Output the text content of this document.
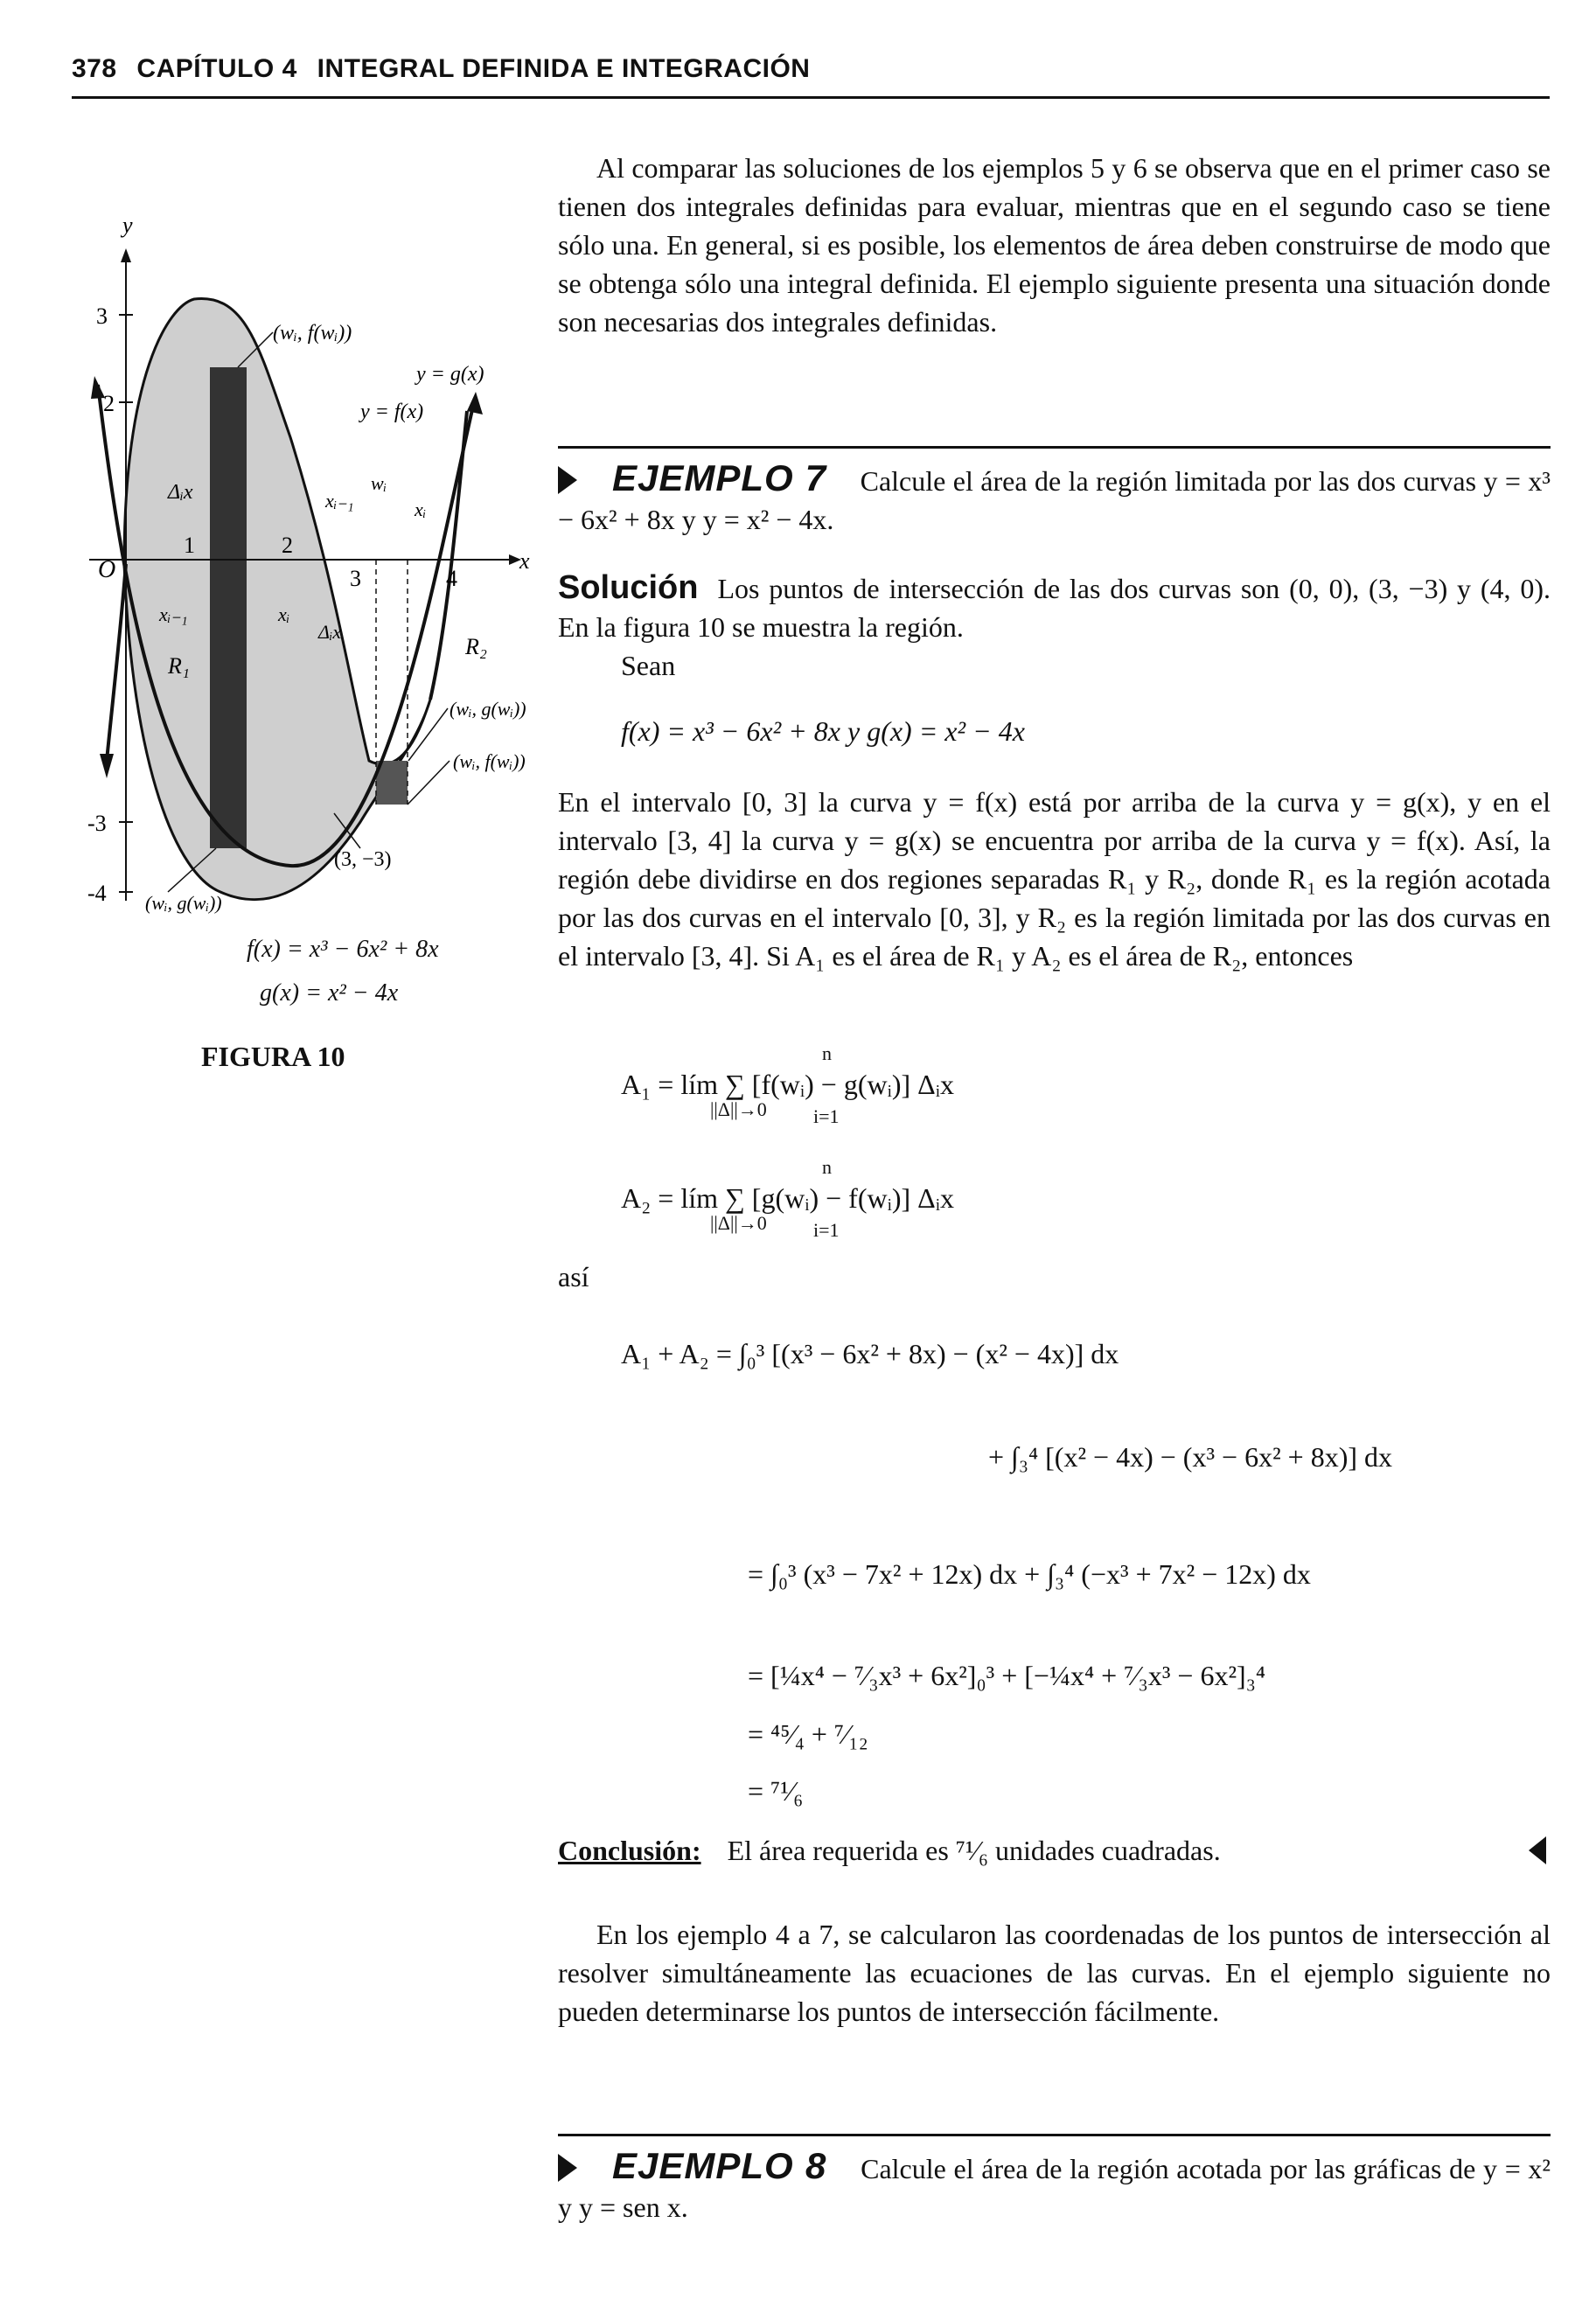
378 CAPÍTULO 4 INTEGRAL DEFINIDA E INTEGRACIÓN
y
x
O
3
2
-3
-4
1	2
3	4
(wᵢ, f(wᵢ))
y = g(x)
y = f(x)
Δᵢx	xᵢ₋₁
wᵢ
xᵢ
xᵢ₋₁	xᵢ
Δᵢx
R₁
R₂
(wᵢ, g(wᵢ))
(wᵢ, f(wᵢ))
(3, −3)
(wᵢ, g(wᵢ))
f(x) = x³ − 6x² + 8x
g(x) = x² − 4x
FIGURA 10

Al comparar las soluciones de los ejemplos 5 y 6 se observa que en el primer caso se tienen dos integrales definidas para evaluar, mientras que en el segundo caso se tiene sólo una. En general, si es posible, los elementos de área deben construirse de modo que se obtenga sólo una integral definida. El ejemplo siguiente presenta una situación donde son necesarias dos integrales definidas.

EJEMPLO 7 Calcule el área de la región limitada por las dos curvas y = x³ − 6x² + 8x y y = x² − 4x.

Solución Los puntos de intersección de las dos curvas son (0, 0), (3, −3) y (4, 0). En la figura 10 se muestra la región.

Sean

f(x) = x³ − 6x² + 8x y g(x) = x² − 4x

En el intervalo [0, 3] la curva y = f(x) está por arriba de la curva y = g(x), y en el intervalo [3, 4] la curva y = g(x) se encuentra por arriba de la curva y = f(x). Así, la región debe dividirse en dos regiones separadas R₁ y R₂, donde R₁ es la región acotada por las dos curvas en el intervalo [0, 3], y R₂ es la región limitada por las dos curvas en el intervalo [3, 4]. Si A₁ es el área de R₁ y A₂ es el área de R₂, entonces

A₁ = lím ∑ [f(wᵢ) − g(wᵢ)] Δᵢx
||Δ||→0
n
i=1
A₂ = lím ∑ [g(wᵢ) − f(wᵢ)] Δᵢx
||Δ||→0
n
i=1
así
A₁ + A₂ = ∫₀³ [(x³ − 6x² + 8x) − (x² − 4x)] dx
+ ∫₃⁴ [(x² − 4x) − (x³ − 6x² + 8x)] dx
= ∫₀³ (x³ − 7x² + 12x) dx + ∫₃⁴ (−x³ + 7x² − 12x) dx
= [¼x⁴ − ⁷⁄₃x³ + 6x²]₀³ + [−¼x⁴ + ⁷⁄₃x³ − 6x²]₃⁴
= ⁴⁵⁄₄ + ⁷⁄₁₂
= ⁷¹⁄₆
Conclusión: El área requerida es ⁷¹⁄₆ unidades cuadradas.

En los ejemplo 4 a 7, se calcularon las coordenadas de los puntos de intersección al resolver simultáneamente las ecuaciones de las curvas. En el ejemplo siguiente no pueden determinarse los puntos de intersección fácilmente.

EJEMPLO 8 Calcule el área de la región acotada por las gráficas de y = x² y y = sen x.
